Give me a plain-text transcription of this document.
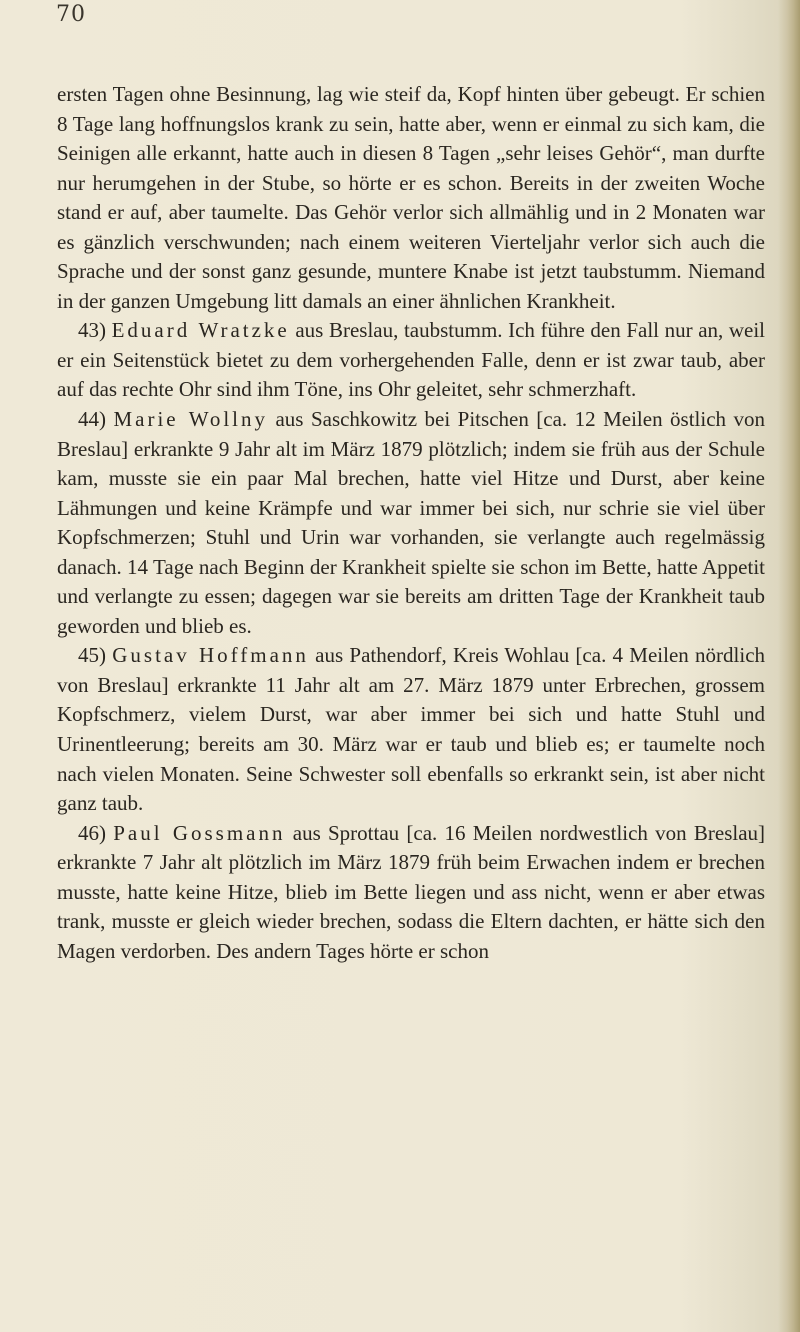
70

ersten Tagen ohne Besinnung, lag wie steif da, Kopf hinten über gebeugt. Er schien 8 Tage lang hoffnungslos krank zu sein, hatte aber, wenn er einmal zu sich kam, die Seinigen alle erkannt, hatte auch in diesen 8 Tagen „sehr leises Gehör“, man durfte nur herumgehen in der Stube, so hörte er es schon. Bereits in der zweiten Woche stand er auf, aber taumelte. Das Gehör verlor sich allmählig und in 2 Monaten war es gänzlich verschwunden; nach einem weiteren Vierteljahr verlor sich auch die Sprache und der sonst ganz gesunde, muntere Knabe ist jetzt taubstumm. Niemand in der ganzen Umgebung litt damals an einer ähnlichen Krankheit.

43) Eduard Wratzke aus Breslau, taubstumm. Ich führe den Fall nur an, weil er ein Seitenstück bietet zu dem vorhergehenden Falle, denn er ist zwar taub, aber auf das rechte Ohr sind ihm Töne, ins Ohr geleitet, sehr schmerzhaft.

44) Marie Wollny aus Saschkowitz bei Pitschen [ca. 12 Meilen östlich von Breslau] erkrankte 9 Jahr alt im März 1879 plötzlich; indem sie früh aus der Schule kam, musste sie ein paar Mal brechen, hatte viel Hitze und Durst, aber keine Lähmungen und keine Krämpfe und war immer bei sich, nur schrie sie viel über Kopfschmerzen; Stuhl und Urin war vorhanden, sie verlangte auch regelmässig danach. 14 Tage nach Beginn der Krankheit spielte sie schon im Bette, hatte Appetit und verlangte zu essen; dagegen war sie bereits am dritten Tage der Krankheit taub geworden und blieb es.

45) Gustav Hoffmann aus Pathendorf, Kreis Wohlau [ca. 4 Meilen nördlich von Breslau] erkrankte 11 Jahr alt am 27. März 1879 unter Erbrechen, grossem Kopfschmerz, vielem Durst, war aber immer bei sich und hatte Stuhl und Urinentleerung; bereits am 30. März war er taub und blieb es; er taumelte noch nach vielen Monaten. Seine Schwester soll ebenfalls so erkrankt sein, ist aber nicht ganz taub.

46) Paul Gossmann aus Sprottau [ca. 16 Meilen nordwestlich von Breslau] erkrankte 7 Jahr alt plötzlich im März 1879 früh beim Erwachen indem er brechen musste, hatte keine Hitze, blieb im Bette liegen und ass nicht, wenn er aber etwas trank, musste er gleich wieder brechen, sodass die Eltern dachten, er hätte sich den Magen verdorben. Des andern Tages hörte er schon
